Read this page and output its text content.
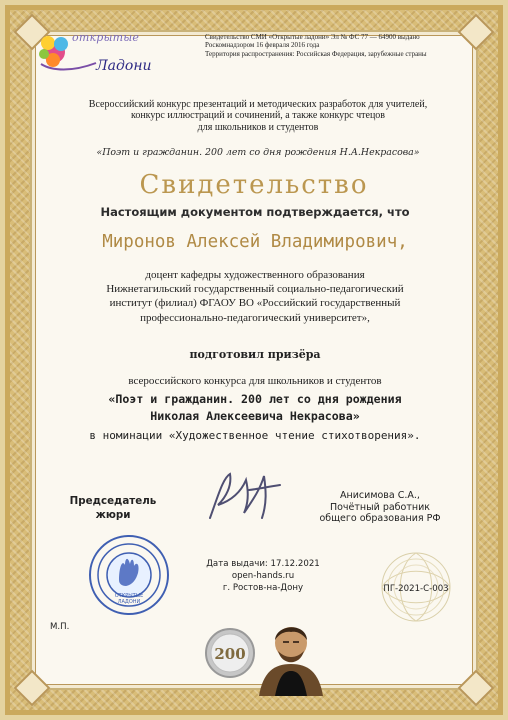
открытые
Ладони
Свидетельство СМИ «Открытые ладони» Эл № ФС 77 — 64900 выдано
Роскомнадзором 16 февраля 2016 года
Территория распространения: Российская Федерация, зарубежные страны
Всероссийский конкурс презентаций и методических разработок для учителей,
конкурс иллюстраций и сочинений, а также конкурс чтецов
для школьников и студентов
«Поэт и гражданин. 200 лет со дня рождения Н.А.Некрасова»
Свидетельство
Настоящим документом подтверждается, что
Миронов Алексей Владимирович,
доцент кафедры художественного образования
Нижнетагильский государственный социально-педагогический
институт (филиал) ФГАОУ ВО «Российский государственный
профессионально-педагогический университет»,
подготовил призёра
всероссийского конкурса для школьников и студентов
«Поэт и гражданин. 200 лет со дня рождения
Николая Алексеевича Некрасова»
в номинации «Художественное чтение стихотворения».
Председатель
жюри
Анисимова С.А.,
Почётный работник
общего образования РФ
ОТКРЫТЫЕ
ЛАДОНИ
Дата выдачи: 17.12.2021
open-hands.ru
г. Ростов-на-Дону
М.П.
ПГ-2021-С-003
200
